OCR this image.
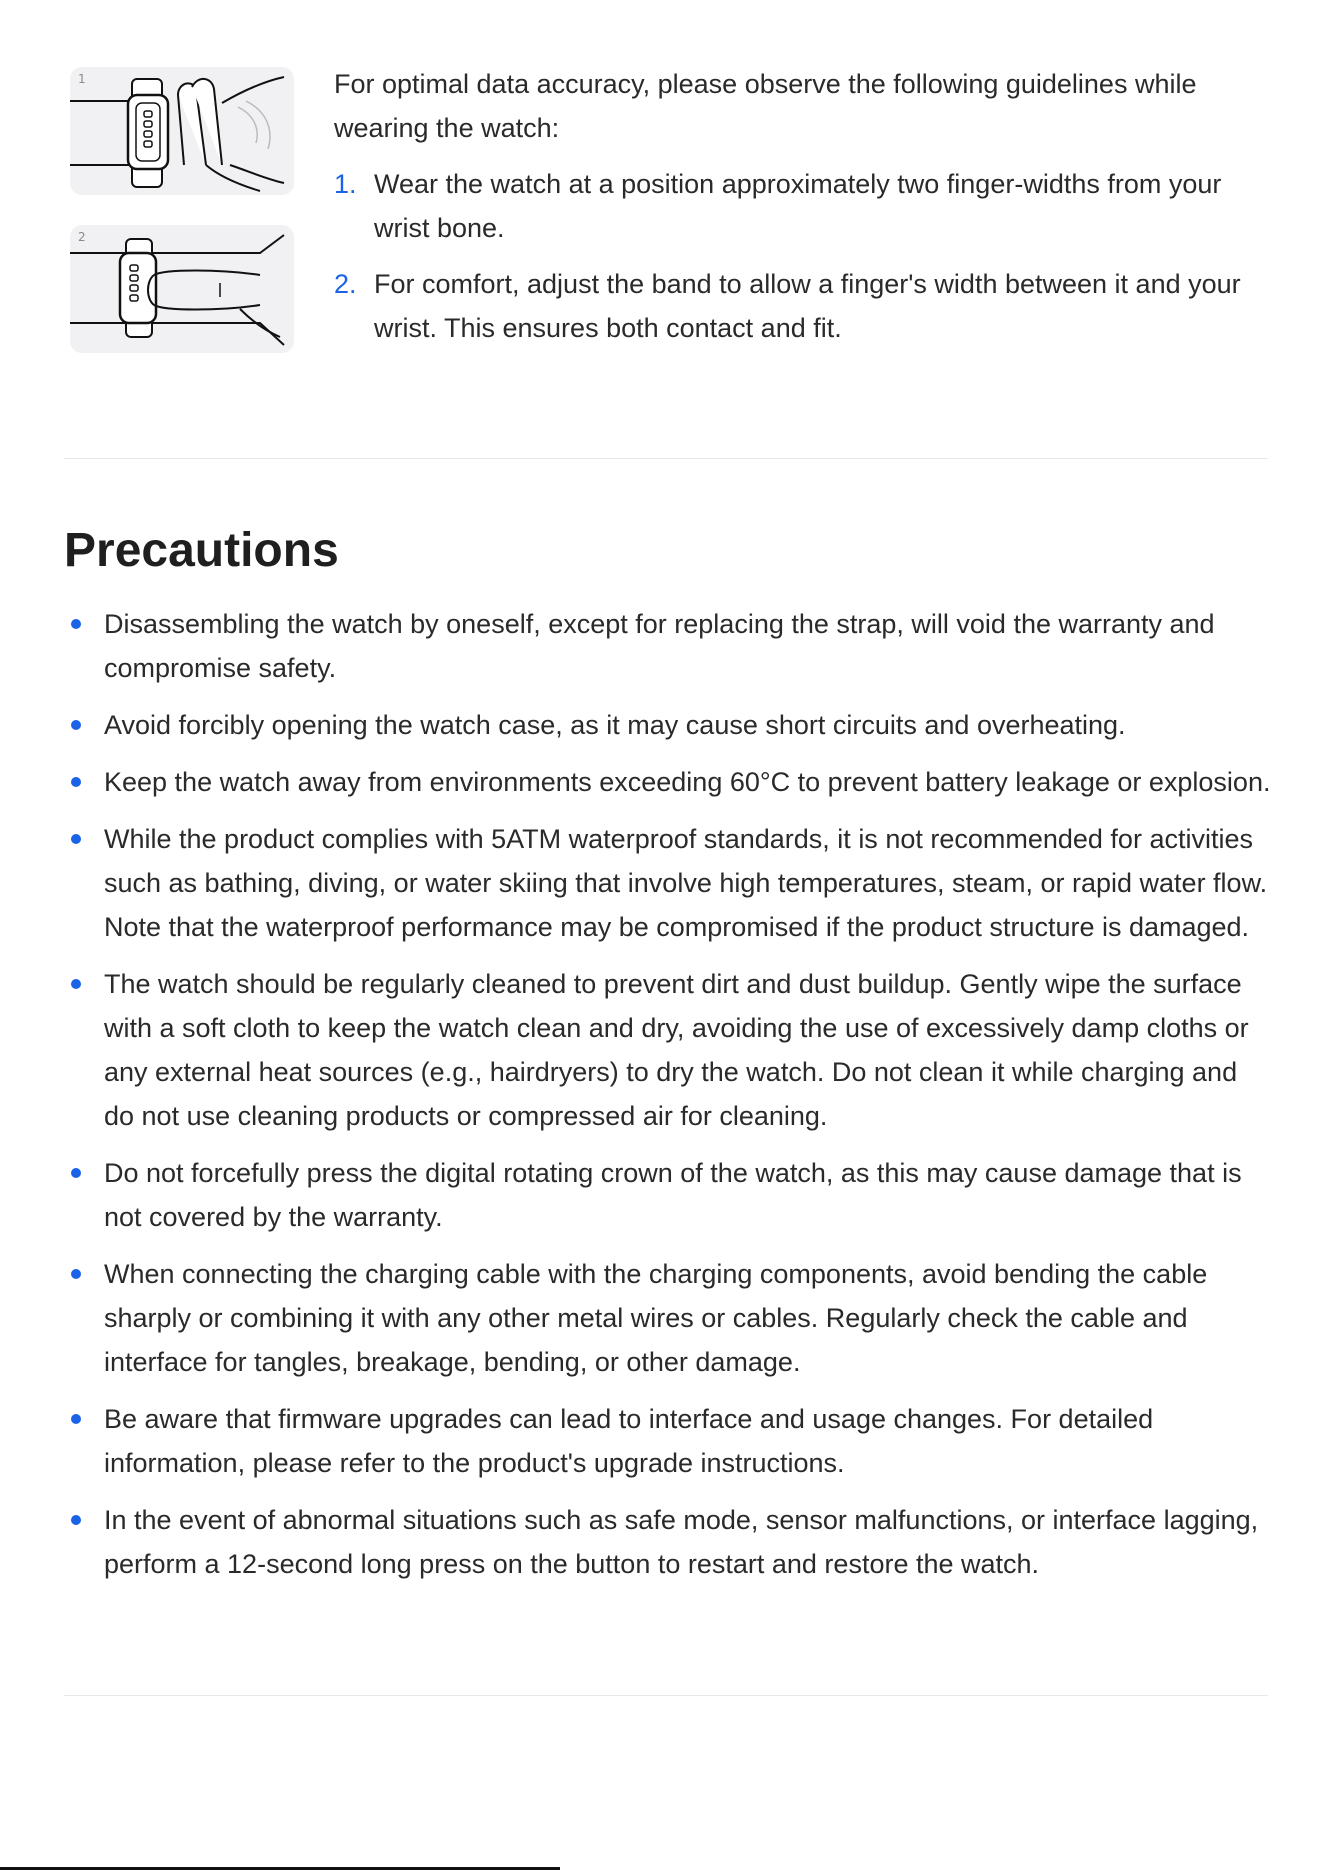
1
2

For optimal data accuracy, please observe the following guidelines while wearing the watch:

1. Wear the watch at a position approximately two finger-widths from your wrist bone.
2. For comfort, adjust the band to allow a finger's width between it and your wrist. This ensures both contact and fit.
Precautions
Disassembling the watch by oneself, except for replacing the strap, will void the warranty and compromise safety.
Avoid forcibly opening the watch case, as it may cause short circuits and overheating.
Keep the watch away from environments exceeding 60°C to prevent battery leakage or explosion.
While the product complies with 5ATM waterproof standards, it is not recommended for activities such as bathing, diving, or water skiing that involve high temperatures, steam, or rapid water flow. Note that the waterproof performance may be compromised if the product structure is damaged.
The watch should be regularly cleaned to prevent dirt and dust buildup. Gently wipe the surface with a soft cloth to keep the watch clean and dry, avoiding the use of excessively damp cloths or any external heat sources (e.g., hairdryers) to dry the watch. Do not clean it while charging and do not use cleaning products or compressed air for cleaning.
Do not forcefully press the digital rotating crown of the watch, as this may cause damage that is not covered by the warranty.
When connecting the charging cable with the charging components, avoid bending the cable sharply or combining it with any other metal wires or cables. Regularly check the cable and interface for tangles, breakage, bending, or other damage.
Be aware that firmware upgrades can lead to interface and usage changes. For detailed information, please refer to the product's upgrade instructions.
In the event of abnormal situations such as safe mode, sensor malfunctions, or interface lagging, perform a 12-second long press on the button to restart and restore the watch.
